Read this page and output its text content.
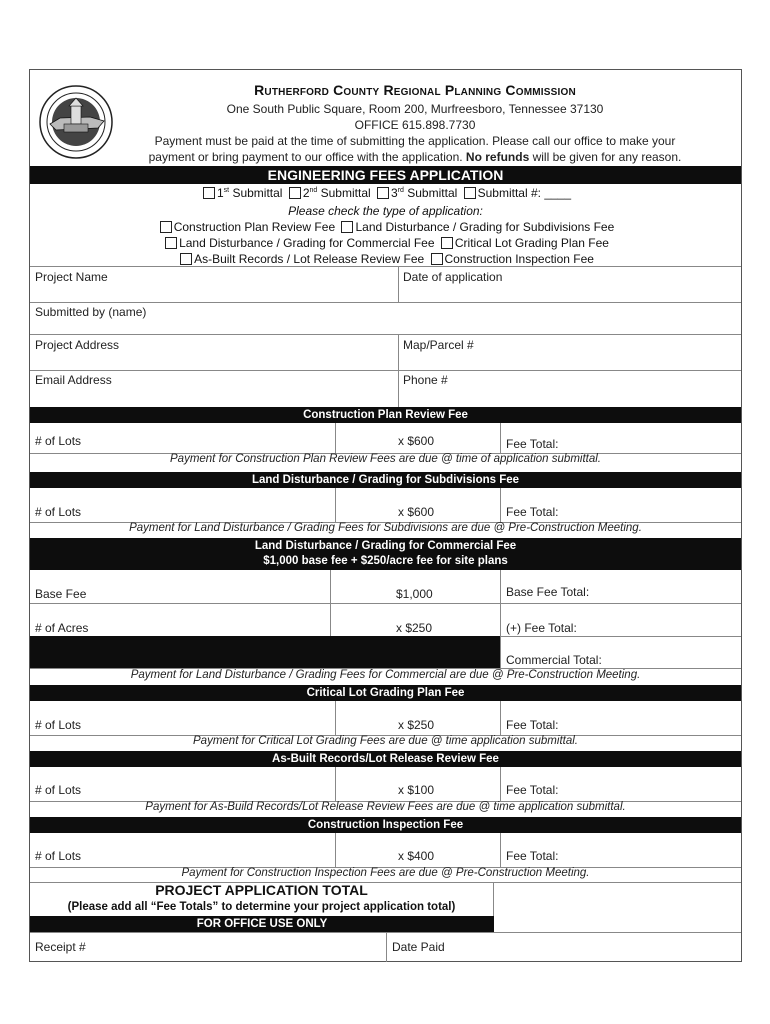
Rutherford County Regional Planning Commission
One South Public Square, Room 200, Murfreesboro, Tennessee 37130
OFFICE 615.898.7730
Payment must be paid at the time of submitting the application. Please call our office to make your
payment or bring payment to our office with the application. No refunds will be given for any reason.
ENGINEERING FEES APPLICATION
1st Submittal 2nd Submittal 3rd Submittal Submittal #: ____
Please check the type of application:
Construction Plan Review Fee Land Disturbance / Grading for Subdivisions Fee
Land Disturbance / Grading for Commercial Fee Critical Lot Grading Plan Fee
As-Built Records / Lot Release Review Fee Construction Inspection Fee
Project Name	Date of application
Submitted by (name)
Project Address	Map/Parcel #
Email Address	Phone #
Construction Plan Review Fee
# of Lots	x $600	Fee Total:
Payment for Construction Plan Review Fees are due @ time of application submittal.
Land Disturbance / Grading for Subdivisions Fee
# of Lots	x $600	Fee Total:
Payment for Land Disturbance / Grading Fees for Subdivisions are due @ Pre-Construction Meeting.
Land Disturbance / Grading for Commercial Fee
$1,000 base fee + $250/acre fee for site plans
Base Fee	$1,000	Base Fee Total:
# of Acres	x $250	(+) Fee Total:
Commercial Total:
Payment for Land Disturbance / Grading Fees for Commercial are due @ Pre-Construction Meeting.
Critical Lot Grading Plan Fee
# of Lots	x $250	Fee Total:
Payment for Critical Lot Grading Fees are due @ time application submittal.
As-Built Records/Lot Release Review Fee
# of Lots	x $100	Fee Total:
Payment for As-Build Records/Lot Release Review Fees are due @ time application submittal.
Construction Inspection Fee
# of Lots	x $400	Fee Total:
Payment for Construction Inspection Fees are due @ Pre-Construction Meeting.
PROJECT APPLICATION TOTAL
(Please add all “Fee Totals” to determine your project application total)
FOR OFFICE USE ONLY
Receipt #	Date Paid
